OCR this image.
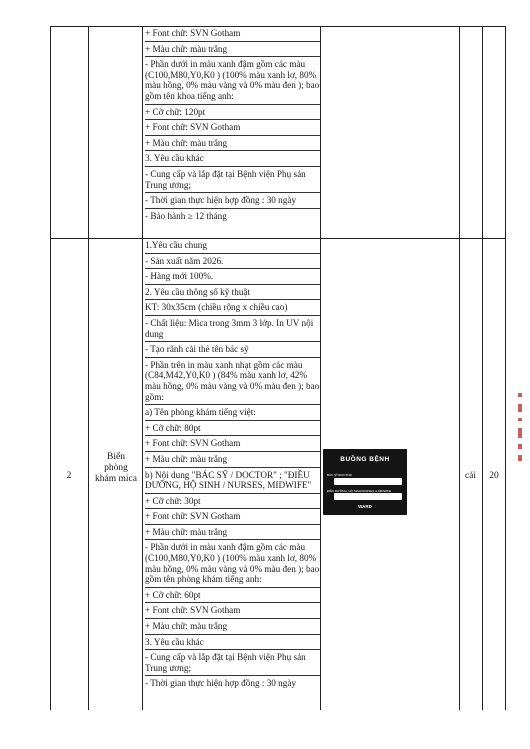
+ Font chữ: SVN Gotham
+ Màu chữ: màu trắng
- Phần dưới in màu xanh đậm gồm các màu (C100,M80,Y0,K0 ) (100% màu xanh lơ, 80% màu hồng, 0% màu vàng và 0% màu đen ); bao gồm tên khoa tiếng anh:
+ Cỡ chữ: 120pt
+ Font chữ: SVN Gotham
+ Màu chữ: màu trắng
3. Yêu cầu khác
- Cung cấp và lắp đặt tại Bệnh viện Phụ sản Trung ương;
- Thời gian thực hiện hợp đồng : 30 ngày
- Bảo hành ≥ 12 tháng
2
Biển phòng khám mica
1.Yêu cầu chung
- Sản xuất năm 2026.
- Hàng mới 100%.
2. Yêu cầu thông số kỹ thuật
KT: 30x35cm (chiều rộng x chiều cao)
- Chất liệu: Mica trong 3mm 3 lớp. In UV nội dung
- Tạo rãnh cài thẻ tên bác sỹ
- Phần trên in màu xanh nhạt gồm các màu (C84,M42,Y0,K0 ) (84% màu xanh lơ, 42% màu hồng, 0% màu vàng và 0% màu đen ); bao gồm:
a) Tên phòng khám tiếng việt:
+ Cỡ chữ: 80pt
+ Font chữ: SVN Gotham
+ Màu chữ: màu trắng
b) Nội dung "BÁC SỸ / DOCTOR" ; "ĐIỀU DƯỠNG, HỘ SINH / NURSES, MIDWIFE"
+ Cỡ chữ: 30pt
+ Font chữ: SVN Gotham
+ Màu chữ: màu trắng
- Phần dưới in màu xanh đậm gồm các màu (C100,M80,Y0,K0 ) (100% màu xanh lơ, 80% màu hồng, 0% màu vàng và 0% màu đen ); bao gồm tên phòng khám tiếng anh:
+ Cỡ chữ: 60pt
+ Font chữ: SVN Gotham
+ Màu chữ: màu trắng
3. Yêu cầu khác
- Cung cấp và lắp đặt tại Bệnh viện Phụ sản Trung ương;
- Thời gian thực hiện hợp đồng : 30 ngày
cái	20
BUỒNG BỆNH
BÁC SỸ/DOCTOR
ĐIỀU DƯỠNG, HỘ SINH/NURSES & MIDWIFE
WARD
